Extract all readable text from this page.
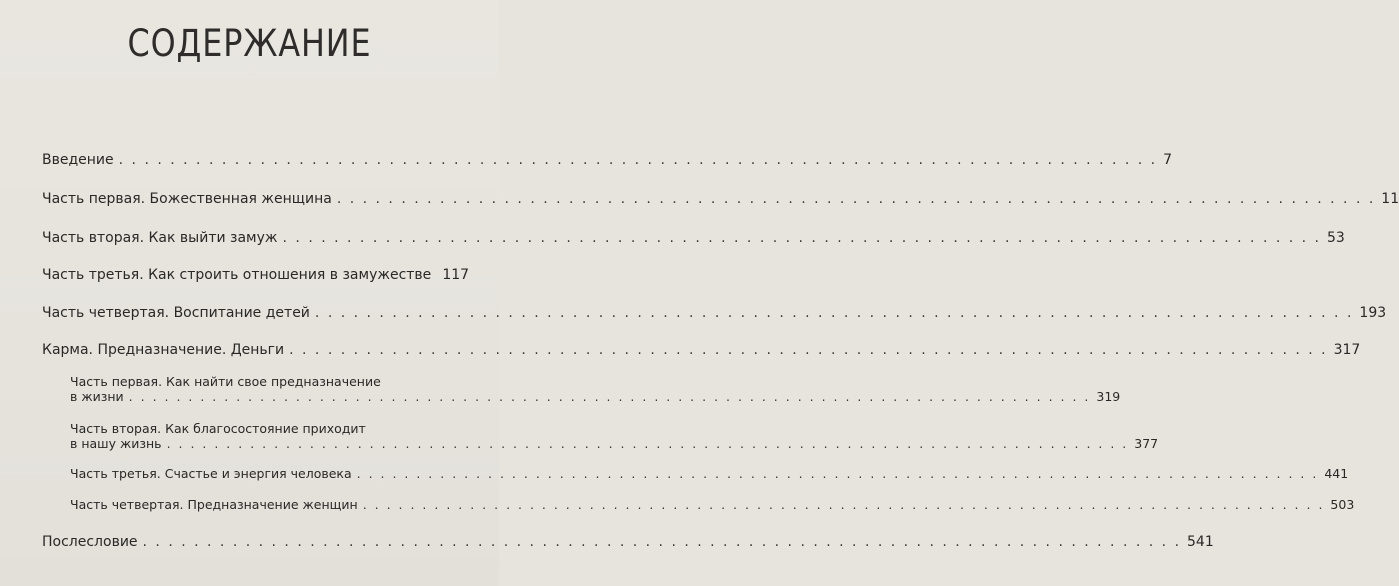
СОДЕРЖАНИЕ
Введение . . .	7
Часть первая. Божественная женщина . . .	11
Часть вторая. Как выйти замуж . . .	53
Часть третья. Как строить отношения в замужестве 117
Часть четвертая. Воспитание детей . . .	193
Карма. Предназначение. Деньги . . .	317
Часть первая. Как найти свое предназначение
в жизни . . .	319
Часть вторая. Как благосостояние приходит
в нашу жизнь . . .	377
Часть третья. Счастье и энергия человека . . .	441
Часть четвертая. Предназначение женщин . . .	503
Послесловие . . .	541
